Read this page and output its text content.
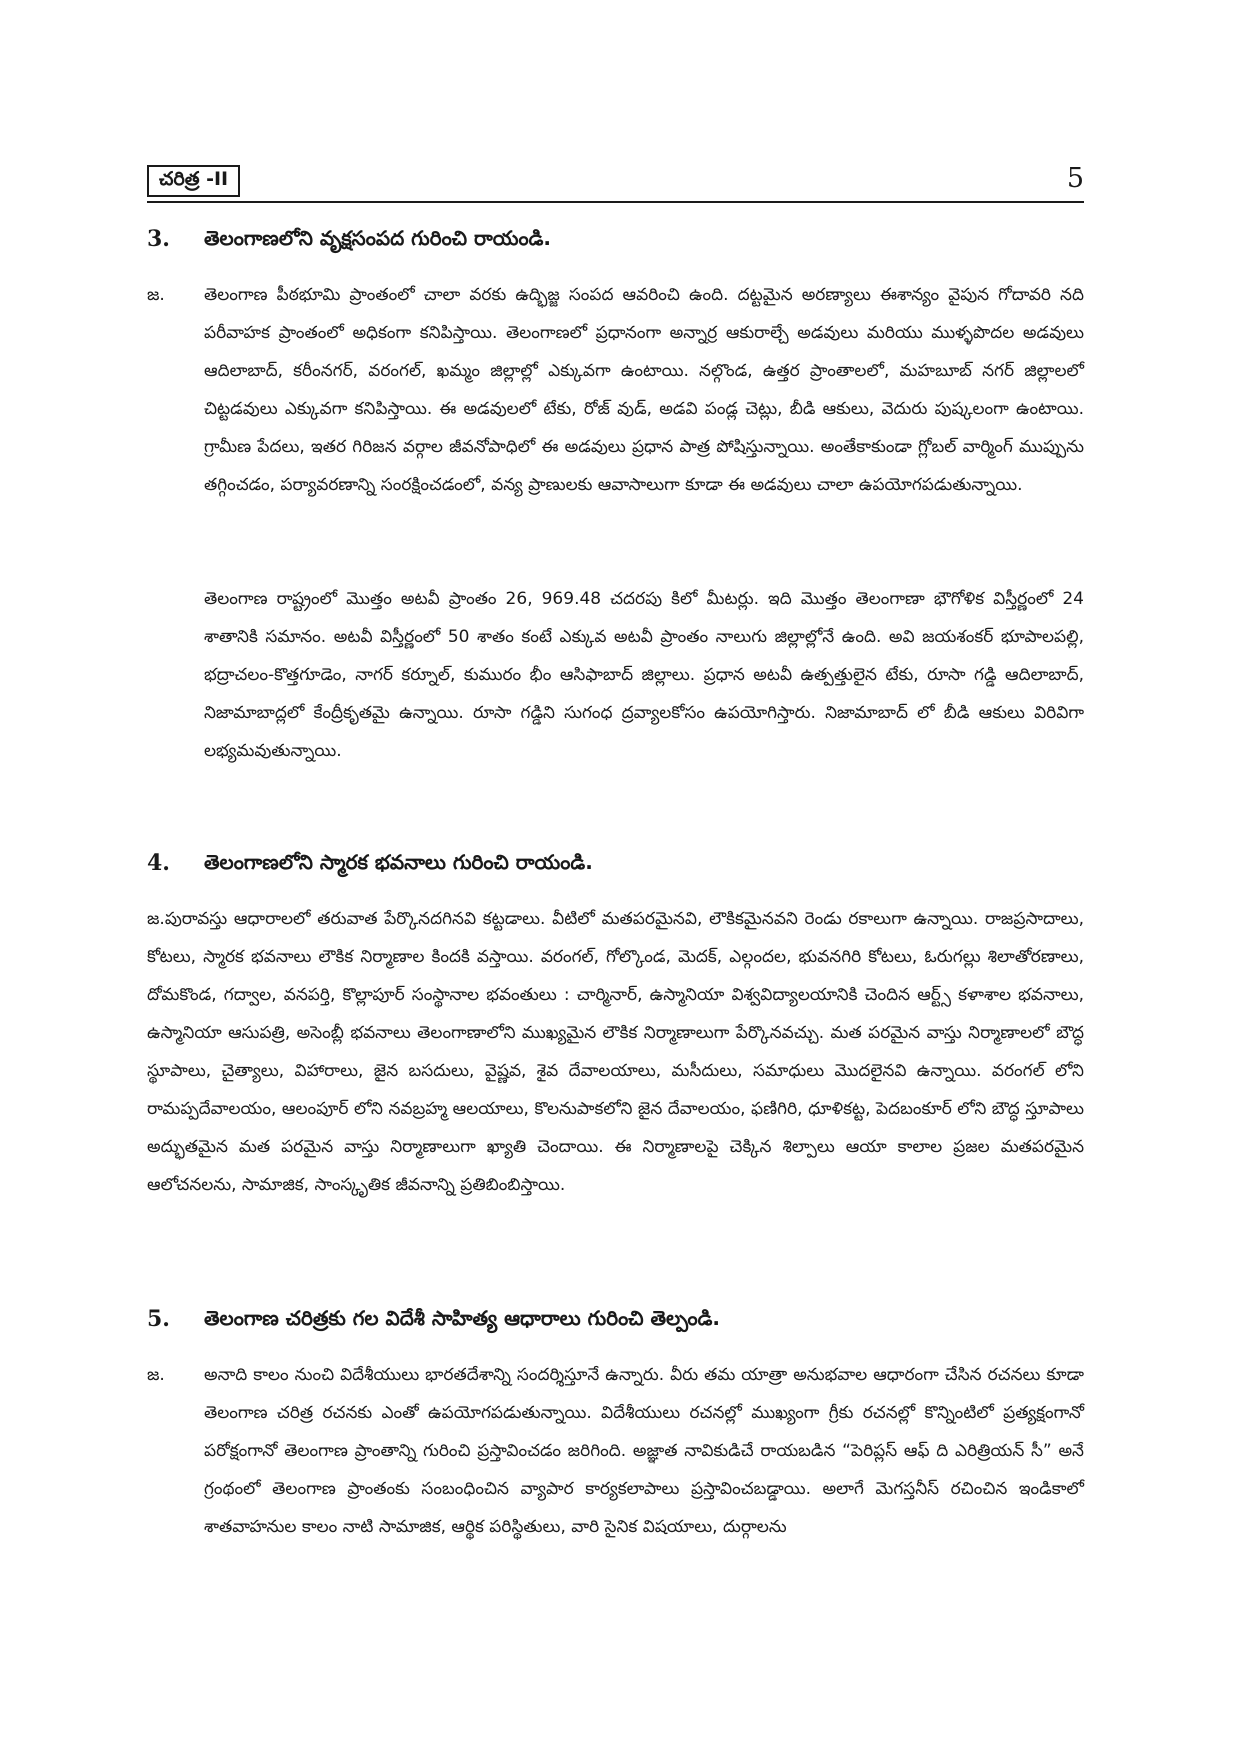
చరిత్ర -II	5
3.	తెలంగాణలోని వృక్షసంపద గురించి రాయండి.
జ.	తెలంగాణ పీఠభూమి ప్రాంతంలో చాలా వరకు ఉద్భిజ్జ సంపద ఆవరించి ఉంది. దట్టమైన అరణ్యాలు ఈశాన్యం వైపున గోదావరి నది పరీవాహక ప్రాంతంలో అధికంగా కనిపిస్తాయి. తెలంగాణలో ప్రధానంగా అన్నార్ర ఆకురాల్చే అడవులు మరియు ముళ్ళపొదల అడవులు ఆదిలాబాద్, కరీంనగర్, వరంగల్, ఖమ్మం జిల్లాల్లో ఎక్కువగా ఉంటాయి. నల్గొండ, ఉత్తర ప్రాంతాలలో, మహబూబ్ నగర్ జిల్లాలలో చిట్టడవులు ఎక్కువగా కనిపిస్తాయి. ఈ అడవులలో టేకు, రోజ్ వుడ్, అడవి పండ్ల చెట్లు, బీడి ఆకులు, వెదురు పుష్కలంగా ఉంటాయి. గ్రామీణ పేదలు, ఇతర గిరిజన వర్గాల జీవనోపాధిలో ఈ అడవులు ప్రధాన పాత్ర పోషిస్తున్నాయి. అంతేకాకుండా గ్లోబల్ వార్మింగ్ ముప్పును తగ్గించడం, పర్యావరణాన్ని సంరక్షించడంలో, వన్య ప్రాణులకు ఆవాసాలుగా కూడా ఈ అడవులు చాలా ఉపయోగపడుతున్నాయి.
తెలంగాణ రాష్ట్రంలో మొత్తం అటవీ ప్రాంతం 26, 969.48 చదరపు కిలో మీటర్లు. ఇది మొత్తం తెలంగాణా భౌగోళిక విస్తీర్ణంలో 24 శాతానికి సమానం. అటవీ విస్తీర్ణంలో 50 శాతం కంటే ఎక్కువ అటవీ ప్రాంతం నాలుగు జిల్లాల్లోనే ఉంది. అవి జయశంకర్ భూపాలపల్లి, భద్రాచలం-కొత్తగూడెం, నాగర్ కర్నూల్, కుమురం భీం ఆసిఫాబాద్ జిల్లాలు. ప్రధాన అటవీ ఉత్పత్తులైన టేకు, రూసా గడ్డి ఆదిలాబాద్, నిజామాబాద్లలో కేంద్రీకృతమై ఉన్నాయి. రూసా గడ్డిని సుగంధ ద్రవ్యాలకోసం ఉపయోగిస్తారు. నిజామాబాద్ లో బీడి ఆకులు విరివిగా లభ్యమవుతున్నాయి.
4.	తెలంగాణలోని స్మారక భవనాలు గురించి రాయండి.
జ.పురావస్తు ఆధారాలలో తరువాత పేర్కొనదగినవి కట్టడాలు. వీటిలో మతపరమైనవి, లౌకికమైనవని రెండు రకాలుగా ఉన్నాయి. రాజప్రసాదాలు, కోటలు, స్మారక భవనాలు లౌకిక నిర్మాణాల కిందకి వస్తాయి. వరంగల్, గోల్కొండ, మెదక్, ఎల్గందల, భువనగిరి కోటలు, ఓరుగల్లు శిలాతోరణాలు, దోమకొండ, గద్వాల, వనపర్తి, కొల్లాపూర్ సంస్థానాల భవంతులు : చార్మినార్, ఉస్మానియా విశ్వవిద్యాలయానికి చెందిన ఆర్ట్స్ కళాశాల భవనాలు, ఉస్మానియా ఆసుపత్రి, అసెంబ్లీ భవనాలు తెలంగాణాలోని ముఖ్యమైన లౌకిక నిర్మాణాలుగా పేర్కొనవచ్చు. మత పరమైన వాస్తు నిర్మాణాలలో బౌద్ధ స్థూపాలు, చైత్యాలు, విహారాలు, జైన బసదులు, వైష్ణవ, శైవ దేవాలయాలు, మసీదులు, సమాధులు మొదలైనవి ఉన్నాయి. వరంగల్ లోని రామప్పదేవాలయం, ఆలంపూర్ లోని నవబ్రహ్మ ఆలయాలు, కొలనుపాకలోని జైన దేవాలయం, ఫణిగిరి, ధూళికట్ట, పెదబంకూర్ లోని బౌద్ధ స్తూపాలు అద్భుతమైన మత పరమైన వాస్తు నిర్మాణాలుగా ఖ్యాతి చెందాయి. ఈ నిర్మాణాలపై చెక్కిన శిల్పాలు ఆయా కాలాల ప్రజల మతపరమైన ఆలోచనలను, సామాజిక, సాంస్కృతిక జీవనాన్ని ప్రతిబింబిస్తాయి.
5.	తెలంగాణ చరిత్రకు గల విదేశీ సాహిత్య ఆధారాలు గురించి తెల్పండి.
జ.	అనాది కాలం నుంచి విదేశీయులు భారతదేశాన్ని సందర్శిస్తూనే ఉన్నారు. వీరు తమ యాత్రా అనుభవాల ఆధారంగా చేసిన రచనలు కూడా తెలంగాణ చరిత్ర రచనకు ఎంతో ఉపయోగపడుతున్నాయి. విదేశీయులు రచనల్లో ముఖ్యంగా గ్రీకు రచనల్లో కొన్నింటిలో ప్రత్యక్షంగానో పరోక్షంగానో తెలంగాణ ప్రాంతాన్ని గురించి ప్రస్తావించడం జరిగింది. అజ్ఞాత నావికుడిచే రాయబడిన “పెరిప్లస్ ఆఫ్ ది ఎరిత్రియన్ సీ” అనే గ్రంథంలో తెలంగాణ ప్రాంతంకు సంబంధించిన వ్యాపార కార్యకలాపాలు ప్రస్తావించబడ్డాయి. అలాగే మెగస్తనీస్ రచించిన ఇండికాలో శాతవాహనుల కాలం నాటి సామాజిక, ఆర్థిక పరిస్థితులు, వారి సైనిక విషయాలు, దుర్గాలను
